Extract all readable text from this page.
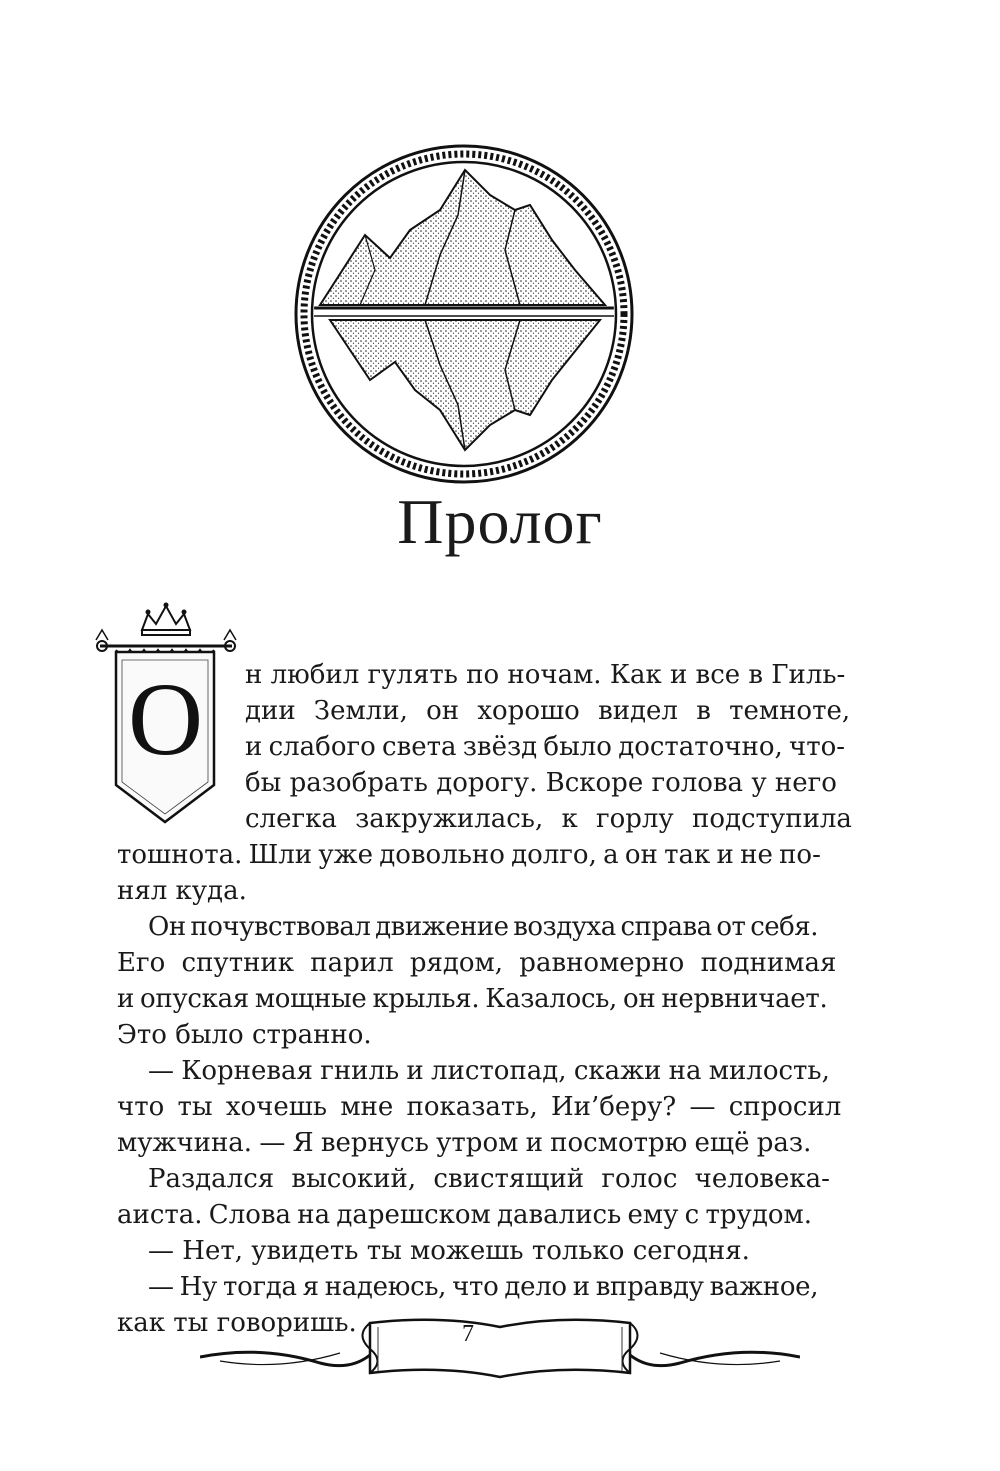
Пролог
О	н любил гулять по ночам. Как и все в Гиль-
дии Земли, он хорошо видел в темноте,
и слабого света звёзд было достаточно, что-
бы разобрать дорогу. Вскоре голова у него
слегка закружилась, к горлу подступила
тошнота. Шли уже довольно долго, а он так и не по-
нял куда.
Он почувствовал движение воздуха справа от себя.
Его спутник парил рядом, равномерно поднимая
и опуская мощные крылья. Казалось, он нервничает.
Это было странно.
— Корневая гниль и листопад, скажи на милость,
что ты хочешь мне показать, Ии’беру? — спросил
мужчина. — Я вернусь утром и посмотрю ещё раз.
Раздался высокий, свистящий голос человека-
аиста. Слова на дарешском давались ему с трудом.
— Нет, увидеть ты можешь только сегодня.
— Ну тогда я надеюсь, что дело и вправду важное,
как ты говоришь.	7
